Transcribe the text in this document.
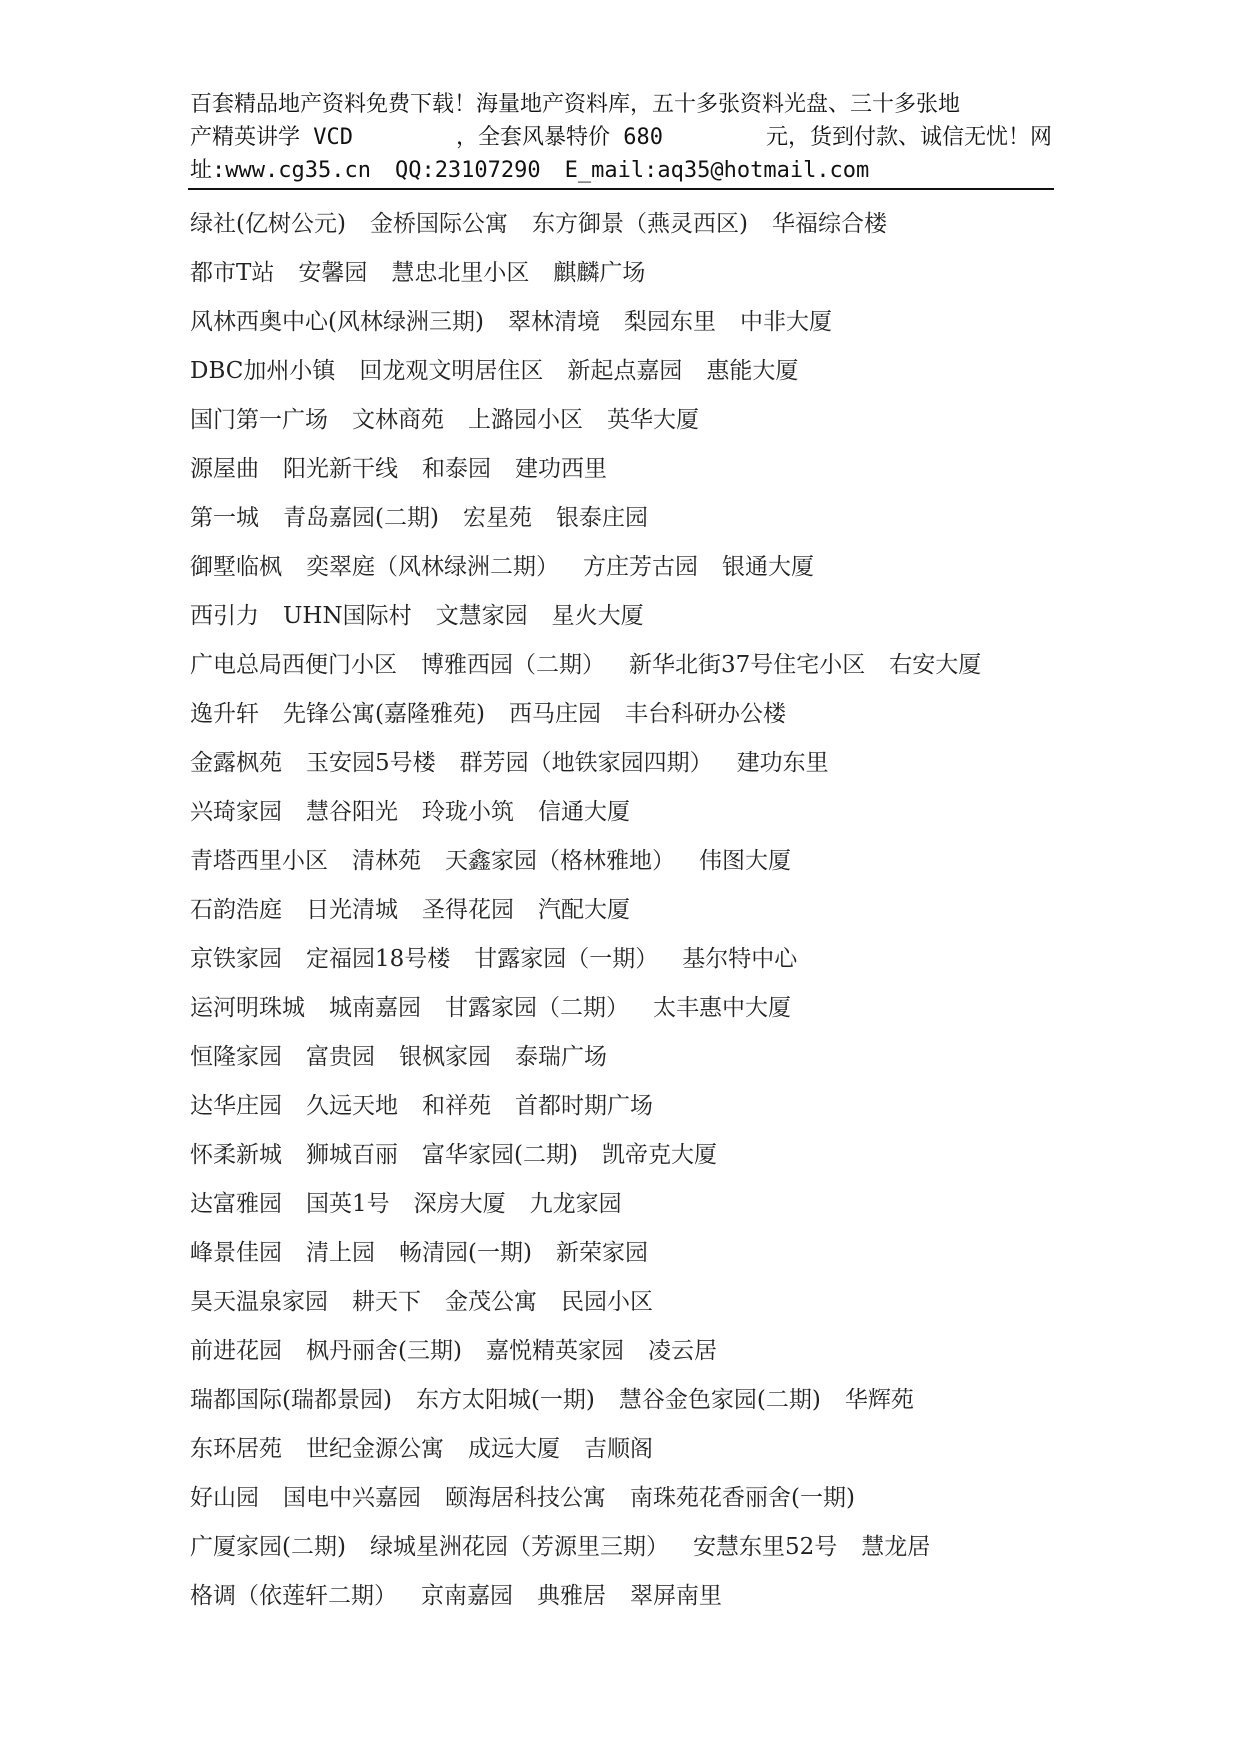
百套精品地产资料免费下载！海量地产资料库，五十多张资料光盘、三十多张地
产精英讲学 VCD	，全套风暴特价 680	元，货到付款、诚信无忧！网
址:www.cg35.cn QQ:23107290 E_mail:aq35@hotmail.com
绿社(亿树公元) 金桥国际公寓 东方御景（燕灵西区) 华福综合楼
都市T站 安馨园 慧忠北里小区 麒麟广场
风林西奥中心(风林绿洲三期) 翠林清境 梨园东里 中非大厦
DBC加州小镇 回龙观文明居住区 新起点嘉园 惠能大厦
国门第一广场 文林商苑 上潞园小区 英华大厦
源屋曲 阳光新干线 和泰园 建功西里
第一城 青岛嘉园(二期) 宏星苑 银泰庄园
御墅临枫 奕翠庭（风林绿洲二期） 方庄芳古园 银通大厦
西引力 UHN国际村 文慧家园 星火大厦
广电总局西便门小区 博雅西园（二期） 新华北街37号住宅小区 右安大厦
逸升轩 先锋公寓(嘉隆雅苑) 西马庄园 丰台科研办公楼
金露枫苑 玉安园5号楼 群芳园（地铁家园四期） 建功东里
兴琦家园 慧谷阳光 玲珑小筑 信通大厦
青塔西里小区 清林苑 天鑫家园（格林雅地） 伟图大厦
石韵浩庭 日光清城 圣得花园 汽配大厦
京铁家园 定福园18号楼 甘露家园（一期） 基尔特中心
运河明珠城 城南嘉园 甘露家园（二期） 太丰惠中大厦
恒隆家园 富贵园 银枫家园 泰瑞广场
达华庄园 久远天地 和祥苑 首都时期广场
怀柔新城 狮城百丽 富华家园(二期) 凯帝克大厦
达富雅园 国英1号 深房大厦 九龙家园
峰景佳园 清上园 畅清园(一期) 新荣家园
昊天温泉家园 耕天下 金茂公寓 民园小区
前进花园 枫丹丽舍(三期) 嘉悦精英家园 凌云居
瑞都国际(瑞都景园) 东方太阳城(一期) 慧谷金色家园(二期) 华辉苑
东环居苑 世纪金源公寓 成远大厦 吉顺阁
好山园 国电中兴嘉园 颐海居科技公寓 南珠苑花香丽舍(一期)
广厦家园(二期) 绿城星洲花园（芳源里三期） 安慧东里52号 慧龙居
格调（依莲轩二期） 京南嘉园 典雅居 翠屏南里
